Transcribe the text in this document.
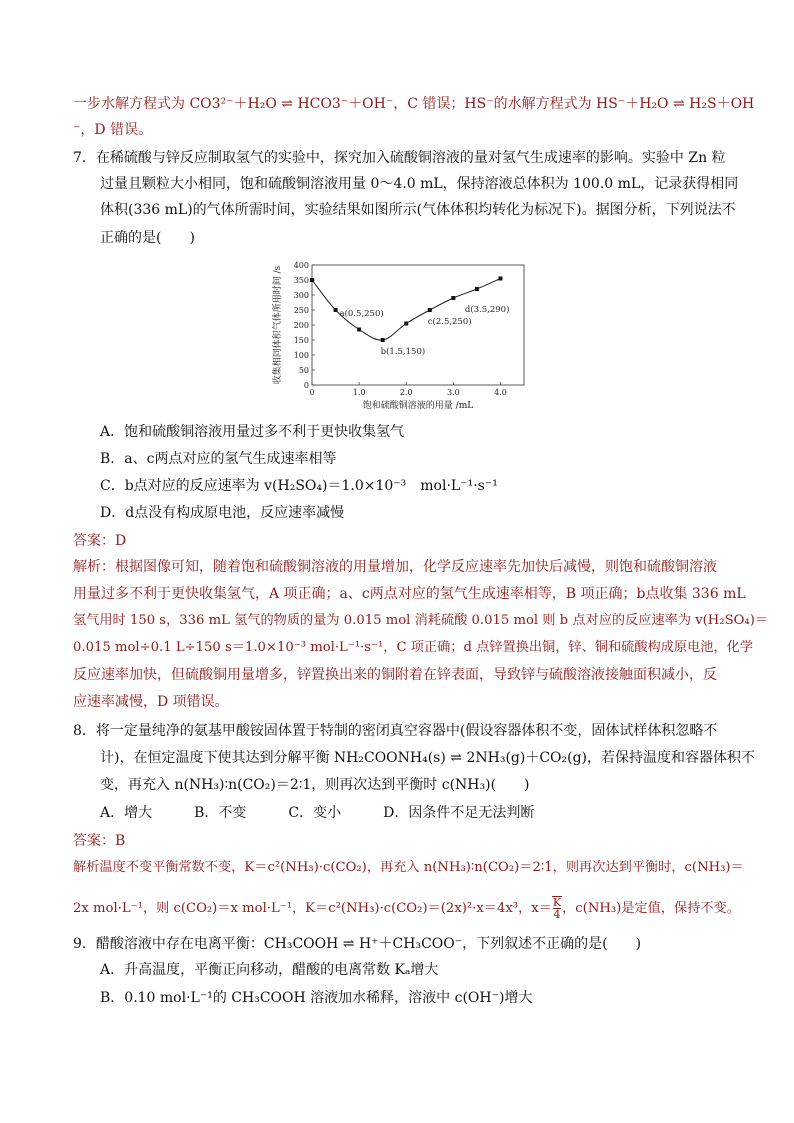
一步水解方程式为 CO3²⁻＋H₂O ⇌ HCO3⁻＋OH⁻，C 错误；HS⁻的水解方程式为 HS⁻＋H₂O ⇌ H₂S＋OH
⁻，D 错误。
7．在稀硫酸与锌反应制取氢气的实验中，探究加入硫酸铜溶液的量对氢气生成速率的影响。实验中 Zn 粒
过量且颗粒大小相同，饱和硫酸铜溶液用量 0～4.0 mL，保持溶液总体积为 100.0 mL，记录获得相同
体积(336 mL)的气体所需时间，实验结果如图所示(气体体积均转化为标况下)。据图分析，下列说法不
正确的是(　　)
0
50
100
150
200
250
300
350
400
0	1.0	2.0	3.0	4.0
饱和硫酸铜溶液的用量 /mL
收集相同体积气体所用时间 /s	a(0.5,250)
b(1.5,150)
c(2.5,250)
d(3.5,290)
A．饱和硫酸铜溶液用量过多不利于更快收集氢气
B．a、c两点对应的氢气生成速率相等
C．b点对应的反应速率为 v(H₂SO₄)＝1.0×10⁻³　mol·L⁻¹·s⁻¹
D．d点没有构成原电池，反应速率减慢
答案：D
解析：根据图像可知，随着饱和硫酸铜溶液的用量增加，化学反应速率先加快后减慢，则饱和硫酸铜溶液
用量过多不利于更快收集氢气，A 项正确；a、c两点对应的氢气生成速率相等，B 项正确；b点收集 336 mL
氢气用时 150 s，336 mL 氢气的物质的量为 0.015 mol 消耗硫酸 0.015 mol 则 b 点对应的反应速率为 v(H₂SO₄)＝
0.015 mol÷0.1 L÷150 s＝1.0×10⁻³ mol·L⁻¹·s⁻¹，C 项正确；d 点锌置换出铜，锌、铜和硫酸构成原电池，化学
反应速率加快，但硫酸铜用量增多，锌置换出来的铜附着在锌表面，导致锌与硫酸溶液接触面积减小，反
应速率减慢，D 项错误。
8．将一定量纯净的氨基甲酸铵固体置于特制的密闭真空容器中(假设容器体积不变，固体试样体积忽略不
计)，在恒定温度下使其达到分解平衡 NH₂COONH₄(s) ⇌ 2NH₃(g)＋CO₂(g)，若保持温度和容器体积不
变，再充入 n(NH₃)∶n(CO₂)＝2∶1，则再次达到平衡时 c(NH₃)(　　)
A．增大　　　B．不变　　　C．变小　　　D．因条件不足无法判断
答案：B
解析温度不变平衡常数不变，K＝c²(NH₃)·c(CO₂)，再充入 n(NH₃)∶n(CO₂)＝2∶1，则再次达到平衡时，c(NH₃)＝
2x mol·L⁻¹，则 c(CO₂)＝x mol·L⁻¹，K＝c²(NH₃)·c(CO₂)＝(2x)²·x＝4x³，$x= \frac{K}{4}$ ，c(NH₃)是定值，保持不变。
9．醋酸溶液中存在电离平衡：CH₃COOH ⇌ H⁺＋CH₃COO⁻，下列叙述不正确的是(　　)
A．升高温度，平衡正向移动，醋酸的电离常数 Kₐ增大
B．0.10 mol·L⁻¹的 CH₃COOH 溶液加水稀释，溶液中 c(OH⁻)增大
